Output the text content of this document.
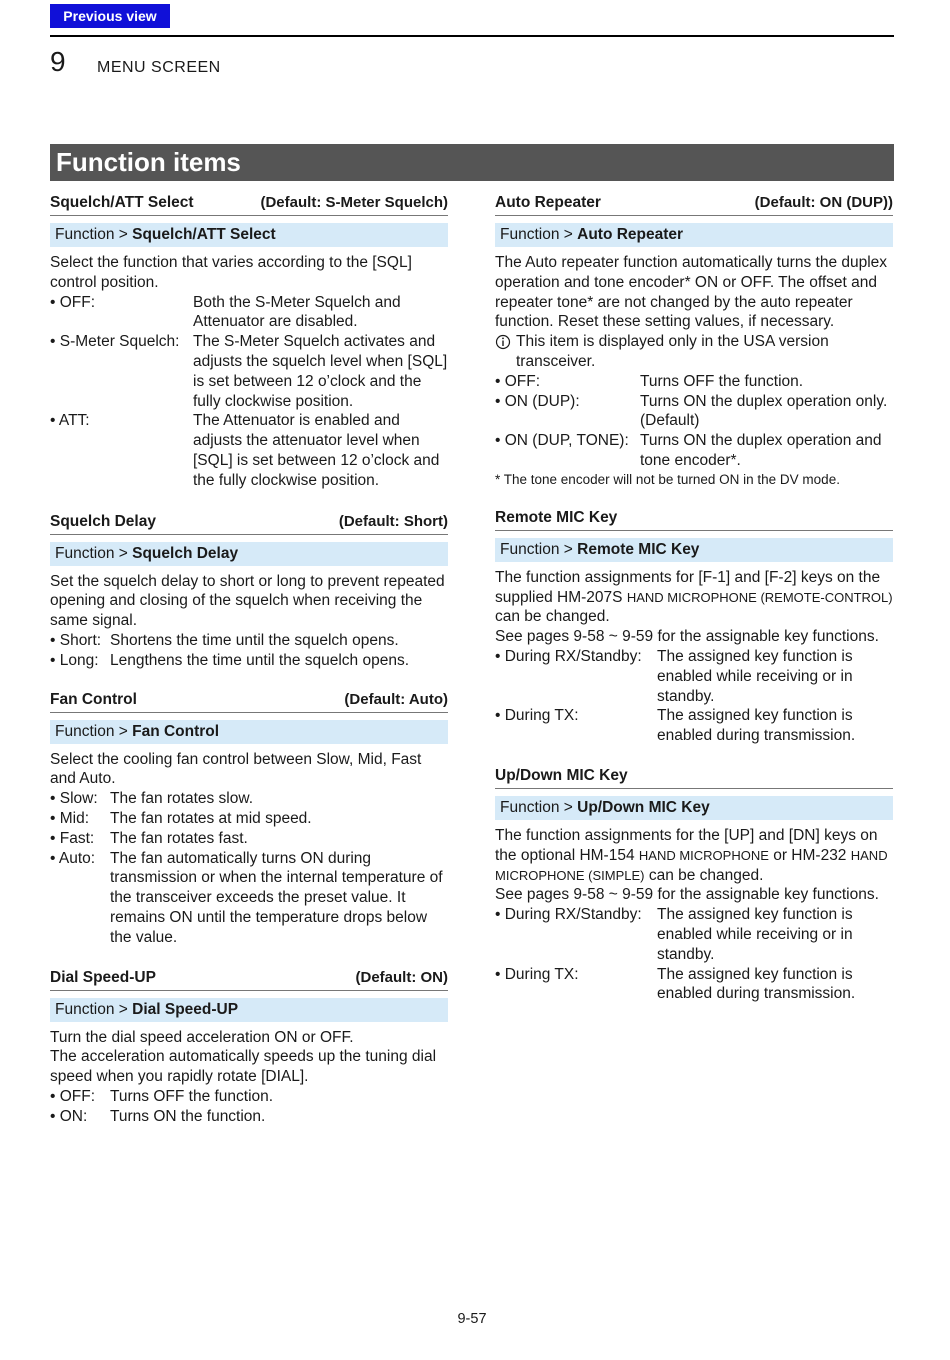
Previous view
9 MENU SCREEN
Function items
Squelch/ATT Select	(Default: S-Meter Squelch)
Function > Squelch/ATT Select

Select the function that varies according to the [SQL] control position.

• OFF:	Both the S-Meter Squelch and Attenuator are disabled.
• S-Meter Squelch: The S-Meter Squelch activates and adjusts the squelch level when [SQL] is set between 12 o’clock and the fully clockwise position.
• ATT:	The Attenuator is enabled and adjusts the attenuator level when [SQL] is set between 12 o’clock and the fully clockwise position.
Squelch Delay	(Default: Short)
Function > Squelch Delay

Set the squelch delay to short or long to prevent repeated opening and closing of the squelch when receiving the same signal.

• Short: Shortens the time until the squelch opens.
• Long: Lengthens the time until the squelch opens.
Fan Control	(Default: Auto)
Function > Fan Control

Select the cooling fan control between Slow, Mid, Fast and Auto.

• Slow: The fan rotates slow.
• Mid:	The fan rotates at mid speed.
• Fast:	The fan rotates fast.
• Auto: The fan automatically turns ON during transmission or when the internal temperature of the transceiver exceeds the preset value. It remains ON until the temperature drops below the value.
Dial Speed-UP	(Default: ON)
Function > Dial Speed-UP

Turn the dial speed acceleration ON or OFF.

The acceleration automatically speeds up the tuning dial speed when you rapidly rotate [DIAL].

• OFF: Turns OFF the function.
• ON:	Turns ON the function.
Auto Repeater	(Default: ON (DUP))
Function > Auto Repeater

The Auto repeater function automatically turns the duplex operation and tone encoder* ON or OFF. The offset and repeater tone* are not changed by the auto repeater function. Reset these setting values, if necessary.

This item is displayed only in the USA version transceiver.
• OFF:	Turns OFF the function.
• ON (DUP):	Turns ON the duplex operation only. (Default)
• ON (DUP, TONE): Turns ON the duplex operation and tone encoder*.

* The tone encoder will not be turned ON in the DV mode.

Remote MIC Key
Function > Remote MIC Key

The function assignments for [F-1] and [F-2] keys on the supplied HM-207S HAND MICROPHONE (REMOTE-CONTROL) can be changed.

See pages 9-58 ~ 9-59 for the assignable key functions.

• During RX/Standby: The assigned key function is enabled while receiving or in standby.
• During TX:	The assigned key function is enabled during transmission.
Up/Down MIC Key
Function > Up/Down MIC Key

The function assignments for the [UP] and [DN] keys on the optional HM-154 HAND MICROPHONE or HM-232 HAND MICROPHONE (SIMPLE) can be changed.

See pages 9-58 ~ 9-59 for the assignable key functions.

• During RX/Standby: The assigned key function is enabled while receiving or in standby.
• During TX:	The assigned key function is enabled during transmission.
9-57
